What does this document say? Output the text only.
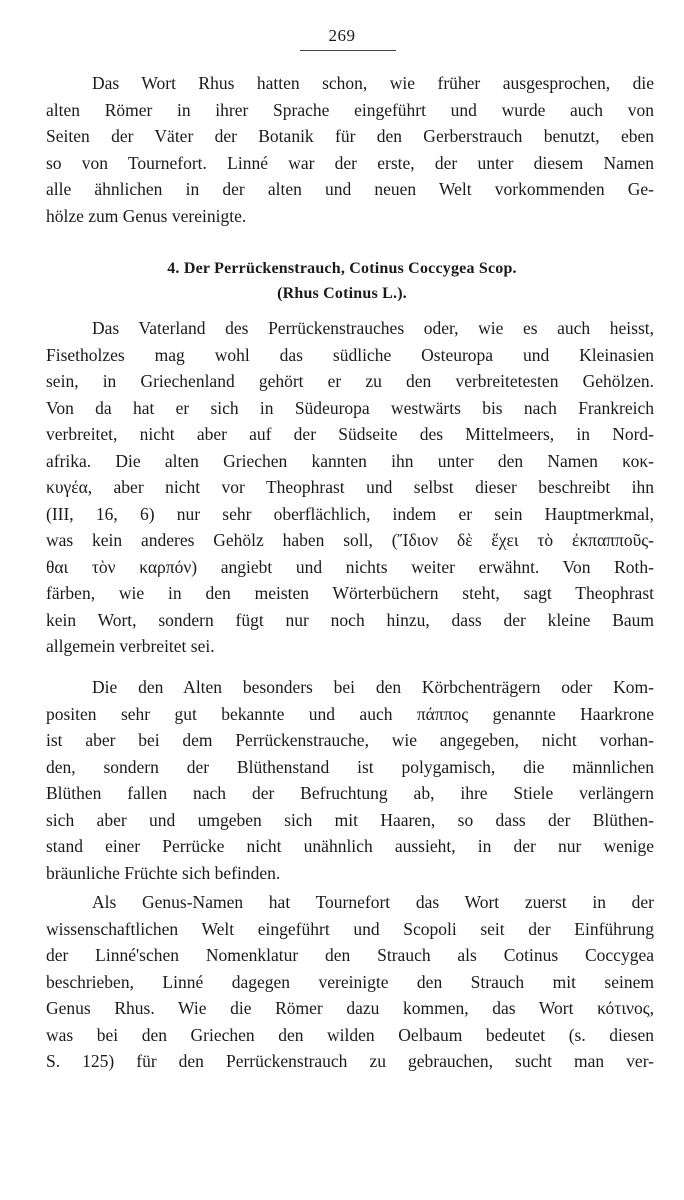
269
Das Wort Rhus hatten schon, wie früher ausgesprochen, die
alten Römer in ihrer Sprache eingeführt und wurde auch von
Seiten der Väter der Botanik für den Gerberstrauch benutzt, eben
so von Tournefort. Linné war der erste, der unter diesem Namen
alle ähnlichen in der alten und neuen Welt vorkommenden Ge-
hölze zum Genus vereinigte.
4. Der Perrückenstrauch, Cotinus Coccygea Scop.
(Rhus Cotinus L.).
Das Vaterland des Perrückenstrauches oder, wie es auch heisst,
Fisetholzes mag wohl das südliche Osteuropa und Kleinasien
sein, in Griechenland gehört er zu den verbreitetesten Gehölzen.
Von da hat er sich in Südeuropa westwärts bis nach Frankreich
verbreitet, nicht aber auf der Südseite des Mittelmeers, in Nord-
afrika. Die alten Griechen kannten ihn unter den Namen κοκ-
κυγέα, aber nicht vor Theophrast und selbst dieser beschreibt ihn
(III, 16, 6) nur sehr oberflächlich, indem er sein Hauptmerkmal,
was kein anderes Gehölz haben soll, (Ἴδιον δὲ ἔχει τὸ ἐκπαπποῦς-
θαι τὸν καρπόν) angiebt und nichts weiter erwähnt. Von Roth-
färben, wie in den meisten Wörterbüchern steht, sagt Theophrast
kein Wort, sondern fügt nur noch hinzu, dass der kleine Baum
allgemein verbreitet sei.
Die den Alten besonders bei den Körbchenträgern oder Kom-
positen sehr gut bekannte und auch πάππος genannte Haarkrone
ist aber bei dem Perrückenstrauche, wie angegeben, nicht vorhan-
den, sondern der Blüthenstand ist polygamisch, die männlichen
Blüthen fallen nach der Befruchtung ab, ihre Stiele verlängern
sich aber und umgeben sich mit Haaren, so dass der Blüthen-
stand einer Perrücke nicht unähnlich aussieht, in der nur wenige
bräunliche Früchte sich befinden.
Als Genus-Namen hat Tournefort das Wort zuerst in der
wissenschaftlichen Welt eingeführt und Scopoli seit der Einführung
der Linné'schen Nomenklatur den Strauch als Cotinus Coccygea
beschrieben, Linné dagegen vereinigte den Strauch mit seinem
Genus Rhus. Wie die Römer dazu kommen, das Wort κότινος,
was bei den Griechen den wilden Oelbaum bedeutet (s. diesen
S. 125) für den Perrückenstrauch zu gebrauchen, sucht man ver-
